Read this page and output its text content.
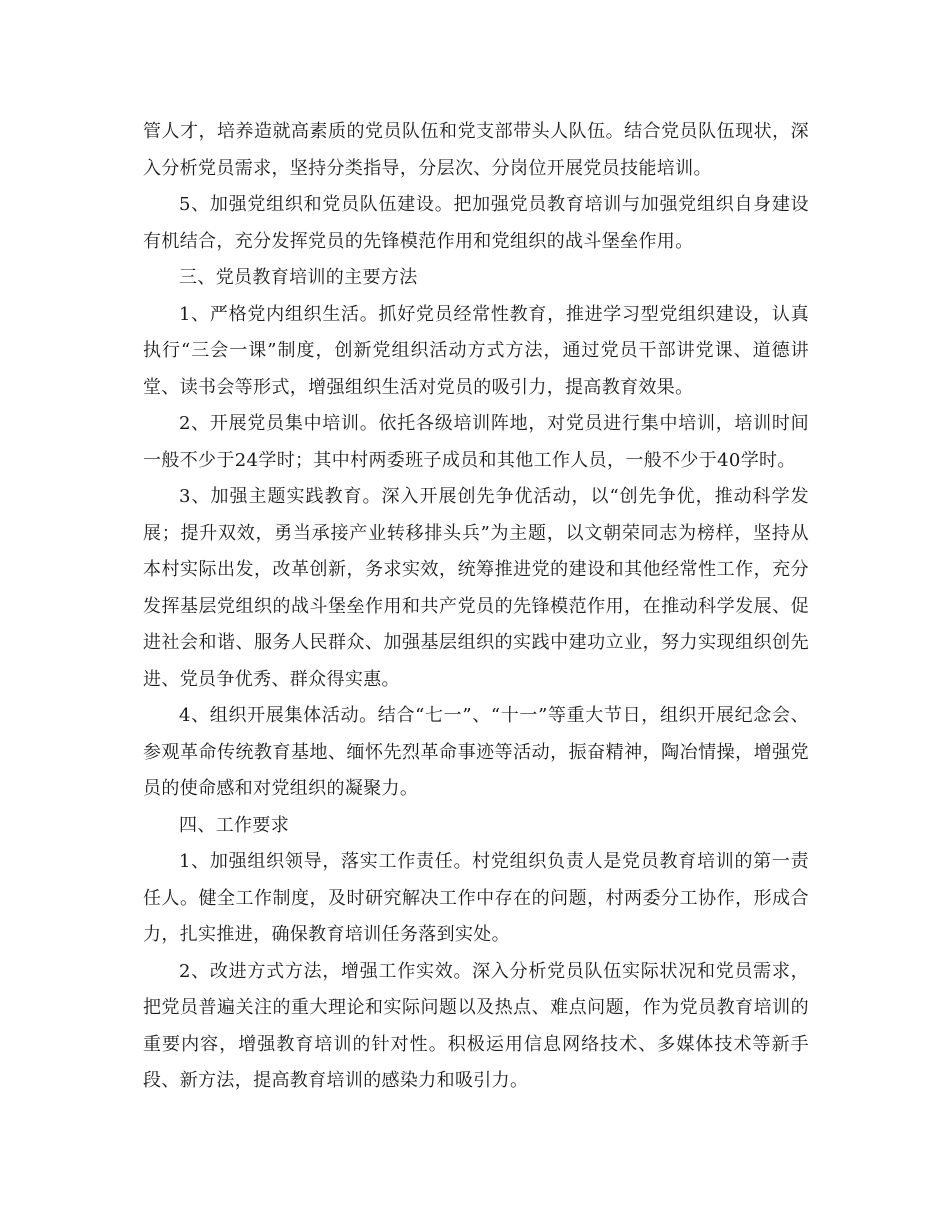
管人才，培养造就高素质的党员队伍和党支部带头人队伍。结合党员队伍现状，深入分析党员需求，坚持分类指导，分层次、分岗位开展党员技能培训。

5、加强党组织和党员队伍建设。把加强党员教育培训与加强党组织自身建设有机结合，充分发挥党员的先锋模范作用和党组织的战斗堡垒作用。

三、党员教育培训的主要方法

1、严格党内组织生活。抓好党员经常性教育，推进学习型党组织建设，认真执行“三会一课”制度，创新党组织活动方式方法，通过党员干部讲党课、道德讲堂、读书会等形式，增强组织生活对党员的吸引力，提高教育效果。

2、开展党员集中培训。依托各级培训阵地，对党员进行集中培训，培训时间一般不少于24学时；其中村两委班子成员和其他工作人员，一般不少于40学时。

3、加强主题实践教育。深入开展创先争优活动，以“创先争优，推动科学发展；提升双效，勇当承接产业转移排头兵”为主题，以文朝荣同志为榜样，坚持从本村实际出发，改革创新，务求实效，统筹推进党的建设和其他经常性工作，充分发挥基层党组织的战斗堡垒作用和共产党员的先锋模范作用，在推动科学发展、促进社会和谐、服务人民群众、加强基层组织的实践中建功立业，努力实现组织创先进、党员争优秀、群众得实惠。

4、组织开展集体活动。结合“七一”、“十一”等重大节日，组织开展纪念会、参观革命传统教育基地、缅怀先烈革命事迹等活动，振奋精神，陶冶情操，增强党员的使命感和对党组织的凝聚力。

四、工作要求

1、加强组织领导，落实工作责任。村党组织负责人是党员教育培训的第一责任人。健全工作制度，及时研究解决工作中存在的问题，村两委分工协作，形成合力，扎实推进，确保教育培训任务落到实处。

2、改进方式方法，增强工作实效。深入分析党员队伍实际状况和党员需求，把党员普遍关注的重大理论和实际问题以及热点、难点问题，作为党员教育培训的重要内容，增强教育培训的针对性。积极运用信息网络技术、多媒体技术等新手段、新方法，提高教育培训的感染力和吸引力。
